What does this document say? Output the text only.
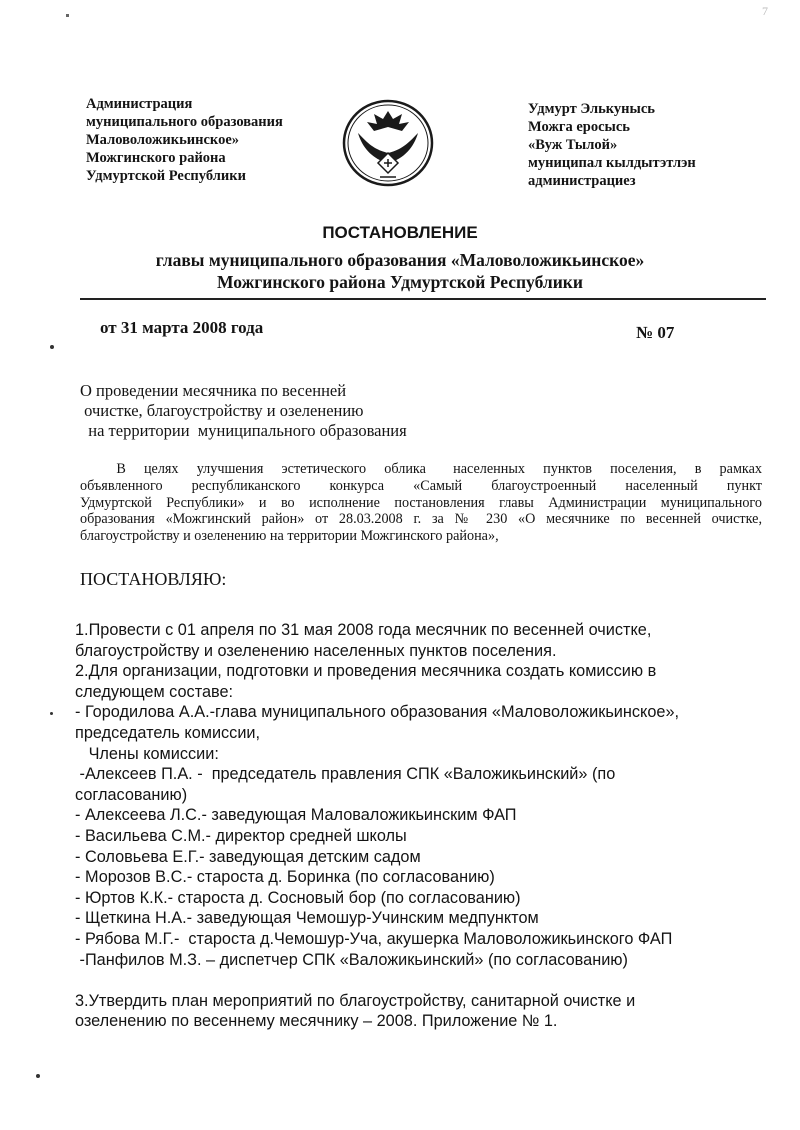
7
Администрация
муниципального образования
Маловоложикьинское»
Можгинского района
Удмуртской Республики
Удмурт Элькунысь
Можга еросысь
«Вуж Тылой»
муниципал кылдытэтлэн
администрациез
ПОСТАНОВЛЕНИЕ
главы муниципального образования «Маловоложикьинское»
Можгинского района Удмуртской Республики
от 31 марта 2008 года	№ 07
О проведении месячника по весенней
очистке, благоустройству и озеленению
на территории  муниципального образования
В  целях  улучшения  эстетического  облика   населенных  пунктов  поселения,  в  рамках
объявленного республиканского конкурса «Самый благоустроенный населенный пункт
Удмуртской Республики» и во исполнение постановления главы Администрации муниципального
образования «Можгинский район» от 28.03.2008 г. за № 230 «О месячнике по весенней очистке,
благоустройству и озеленению на территории Можгинского района»,
ПОСТАНОВЛЯЮ:
1.Провести с 01 апреля по 31 мая 2008 года месячник по весенней очистке,
благоустройству и озеленению населенных пунктов поселения.
2.Для организации, подготовки и проведения месячника создать комиссию в
следующем составе:
- Городилова А.А.-глава муниципального образования «Маловоложикьинское»,
председатель комиссии,
Члены комиссии:
-Алексеев П.А. -  председатель правления СПК «Валожикьинский» (по
согласованию)
- Алексеева Л.С.- заведующая Маловаложикьинским ФАП
- Васильева С.М.- директор средней школы
- Соловьева Е.Г.- заведующая детским садом
- Морозов В.С.- староста д. Боринка (по согласованию)
- Юртов К.К.- староста д. Сосновый бор (по согласованию)
- Щеткина Н.А.- заведующая Чемошур-Учинским медпунктом
- Рябова М.Г.-  староста д.Чемошур-Уча, акушерка Маловоложикьинского ФАП
-Панфилов М.З. – диспетчер СПК «Валожикьинский» (по согласованию)
3.Утвердить план мероприятий по благоустройству, санитарной очистке и
озеленению по весеннему месячнику – 2008. Приложение № 1.
